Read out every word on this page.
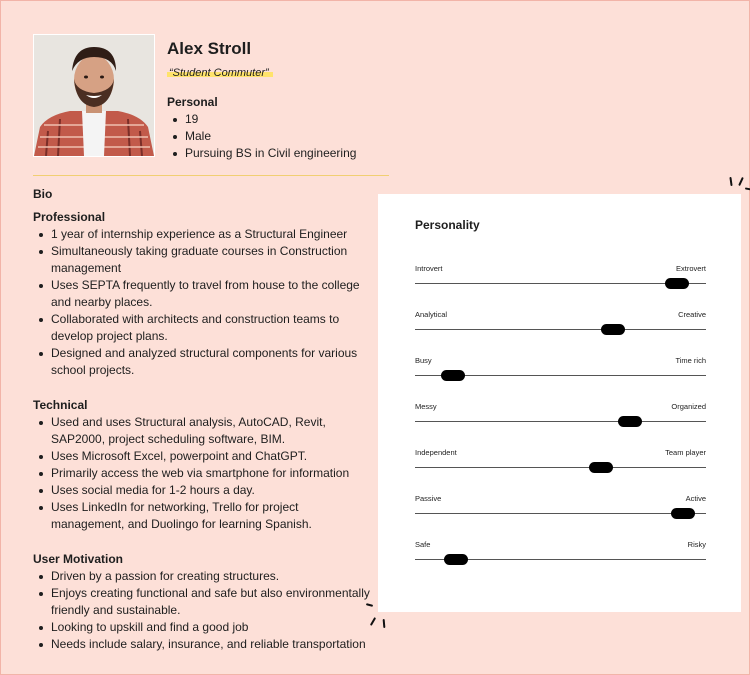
Alex Stroll
“Student Commuter”
Personal
19
Male
Pursuing BS in Civil engineering
Bio
Professional
1 year of internship experience as a Structural Engineer
Simultaneously taking graduate courses in Construction management
Uses SEPTA frequently to travel from house to the college and nearby places.
Collaborated with architects and construction teams to develop project plans.
Designed and analyzed structural components for various school projects.
Technical
Used and uses Structural analysis, AutoCAD, Revit, SAP2000, project scheduling software, BIM.
Uses Microsoft Excel, powerpoint and ChatGPT.
Primarily access the web via smartphone for information
Uses social media for 1-2 hours a day.
Uses LinkedIn for networking, Trello for project management, and Duolingo for learning Spanish.
User Motivation
Driven by a passion for creating structures.
Enjoys creating functional and safe but also environmentally friendly and sustainable.
Looking to upskill and find a good job
Needs include salary, insurance, and reliable transportation
Personality
Introvert	Extrovert
Analytical	Creative
Busy	Time rich
Messy	Organized
Independent	Team player
Passive	Active
Safe	Risky
